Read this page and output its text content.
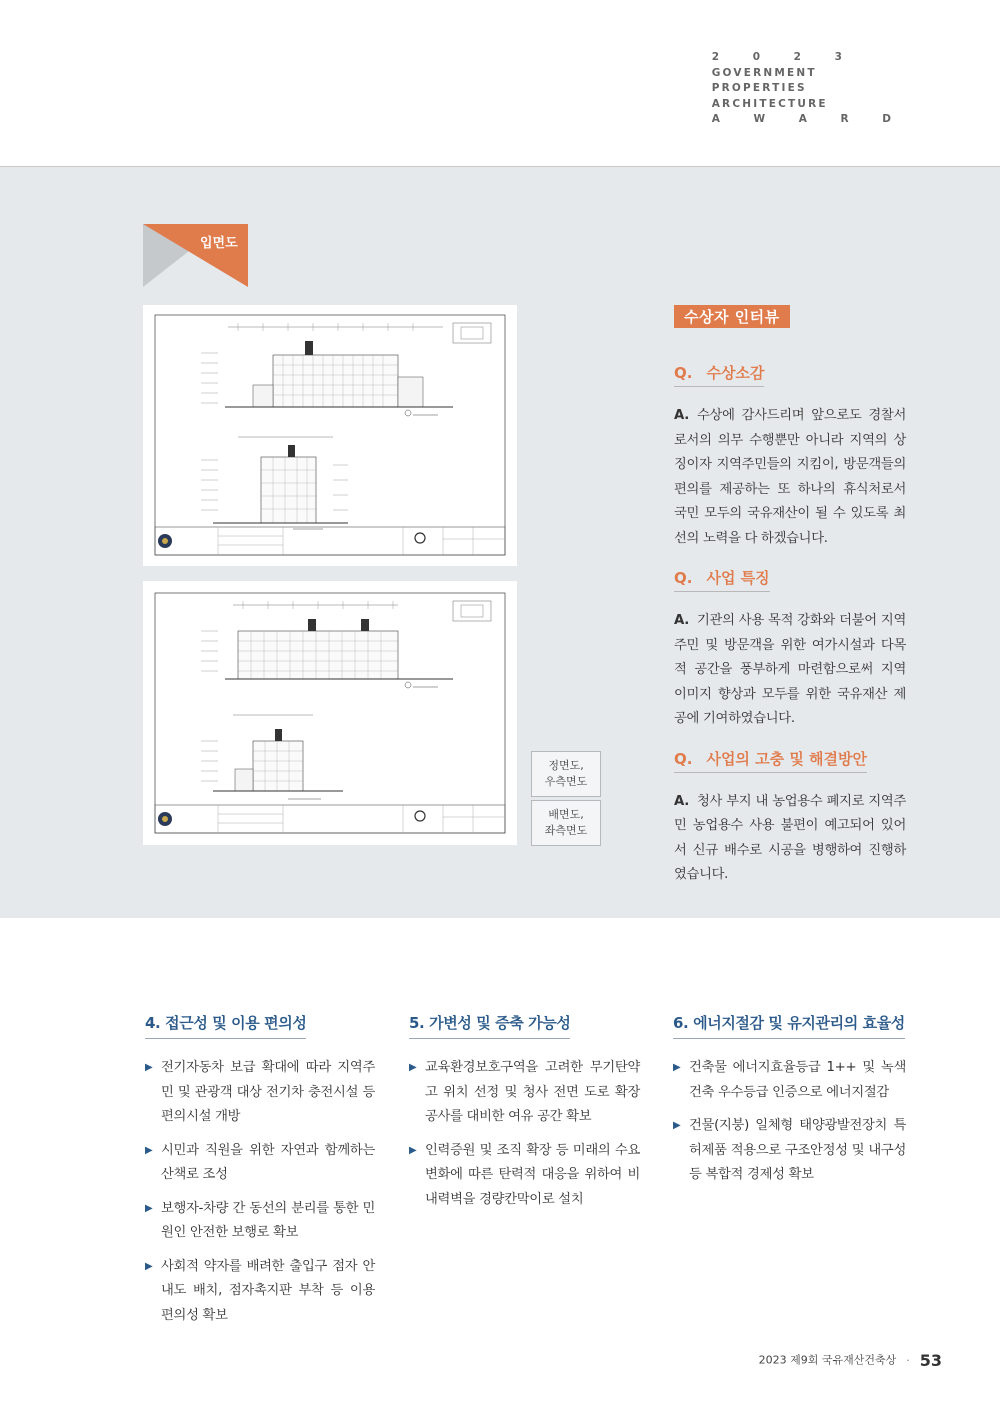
2 0 2 3
GOVERNMENT
PROPERTIES
ARCHITECTURE
A W A R D
입면도
정면도,
우측면도
배면도,
좌측면도
수상자 인터뷰
Q. 수상소감
A. 수상에 감사드리며 앞으로도 경찰서로서의 의무 수행뿐만 아니라 지역의 상징이자 지역주민들의 지킴이, 방문객들의 편의를 제공하는 또 하나의 휴식처로서 국민 모두의 국유재산이 될 수 있도록 최선의 노력을 다 하겠습니다.
Q. 사업 특징
A. 기관의 사용 목적 강화와 더불어 지역주민 및 방문객을 위한 여가시설과 다목적 공간을 풍부하게 마련함으로써 지역 이미지 향상과 모두를 위한 국유재산 제공에 기여하였습니다.
Q. 사업의 고충 및 해결방안
A. 청사 부지 내 농업용수 폐지로 지역주민 농업용수 사용 불편이 예고되어 있어서 신규 배수로 시공을 병행하여 진행하였습니다.
4. 접근성 및 이용 편의성
▶ 전기자동차 보급 확대에 따라 지역주민 및 관광객 대상 전기차 충전시설 등 편의시설 개방
▶ 시민과 직원을 위한 자연과 함께하는 산책로 조성
▶ 보행자-차량 간 동선의 분리를 통한 민원인 안전한 보행로 확보
▶ 사회적 약자를 배려한 출입구 점자 안내도 배치, 점자촉지판 부착 등 이용 편의성 확보
5. 가변성 및 증축 가능성
▶ 교육환경보호구역을 고려한 무기탄약고 위치 선정 및 청사 전면 도로 확장공사를 대비한 여유 공간 확보
▶ 인력증원 및 조직 확장 등 미래의 수요 변화에 따른 탄력적 대응을 위하여 비내력벽을 경량칸막이로 설치
6. 에너지절감 및 유지관리의 효율성
▶ 건축물 에너지효율등급 1++ 및 녹색건축 우수등급 인증으로 에너지절감
▶ 건물(지붕) 일체형 태양광발전장치 특허제품 적용으로 구조안정성 및 내구성 등 복합적 경제성 확보
2023 제9회 국유재산건축상 · 53
